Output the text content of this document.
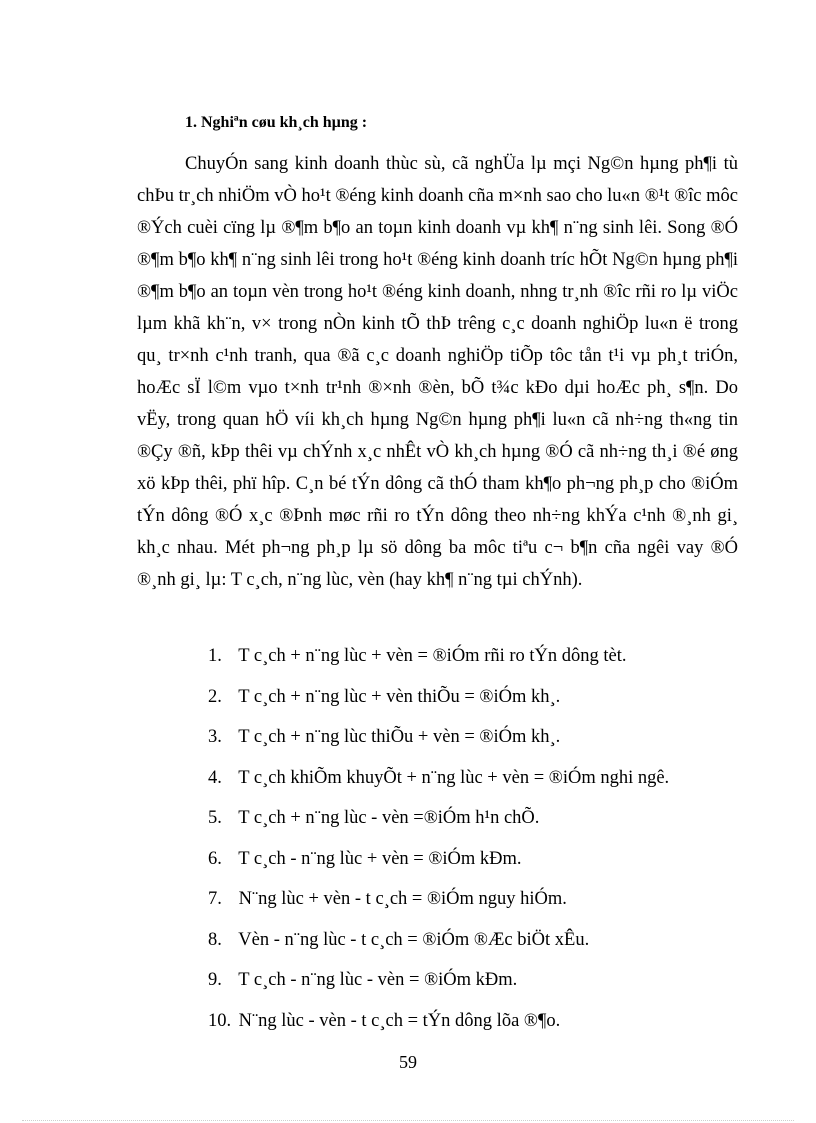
1. Nghiªn cøu kh¸ch hµng :

ChuyÓn sang kinh doanh thùc sù, cã nghÜa lµ mçi Ng©n hµng ph¶i tù chÞu tr¸ch nhiÖm vÒ ho¹t ®éng kinh doanh cña m×nh sao cho lu«n ®¹t ®îc môc ®Ých cuèi cïng lµ ®¶m b¶o an toµn kinh doanh vµ kh¶ n¨ng sinh lêi. Song ®Ó ®¶m b¶o kh¶ n¨ng sinh lêi trong ho¹t ®éng kinh doanh tríc hÕt Ng©n hµng ph¶i ®¶m b¶o an toµn vèn trong ho¹t ®éng kinh doanh, nhng tr¸nh ®îc rñi ro lµ viÖc lµm khã kh¨n, v× trong nÒn kinh tÕ thÞ trêng c¸c doanh nghiÖp lu«n ë trong qu¸ tr×nh c¹nh tranh, qua ®ã c¸c doanh nghiÖp tiÕp tôc tån t¹i vµ ph¸t triÓn, hoÆc sÏ l©m vµo t×nh tr¹nh ®×nh ®èn, bÕ t¾c kÐo dµi hoÆc ph¸ s¶n. Do vËy, trong quan hÖ víi kh¸ch hµng Ng©n hµng ph¶i lu«n cã nh÷ng th«ng tin ®Çy ®ñ, kÞp thêi vµ chÝnh x¸c nhÊt vÒ kh¸ch hµng ®Ó cã nh÷ng th¸i ®é øng xö kÞp thêi, phï hîp. C¸n bé tÝn dông cã thÓ tham kh¶o ph¬ng ph¸p cho ®iÓm tÝn dông ®Ó x¸c ®Þnh møc rñi ro tÝn dông theo nh÷ng khÝa c¹nh ®¸nh gi¸ kh¸c nhau. Mét ph¬ng ph¸p lµ sö dông ba môc tiªu c¬ b¶n cña ngêi vay ®Ó ®¸nh gi¸ lµ: T c¸ch, n¨ng lùc, vèn (hay kh¶ n¨ng tµi chÝnh).

1. T c¸ch + n¨ng lùc + vèn = ®iÓm rñi ro tÝn dông tèt.
2. T c¸ch + n¨ng lùc + vèn thiÕu = ®iÓm kh¸.
3. T c¸ch + n¨ng lùc thiÕu + vèn = ®iÓm kh¸.
4. T c¸ch khiÕm khuyÕt + n¨ng lùc + vèn = ®iÓm nghi ngê.
5. T c¸ch + n¨ng lùc - vèn =®iÓm h¹n chÕ.
6. T c¸ch - n¨ng lùc + vèn = ®iÓm kÐm.
7. N¨ng lùc + vèn - t c¸ch = ®iÓm nguy hiÓm.
8. Vèn - n¨ng lùc - t c¸ch = ®iÓm ®Æc biÖt xÊu.
9. T c¸ch - n¨ng lùc - vèn = ®iÓm kÐm.
10. N¨ng lùc - vèn - t c¸ch = tÝn dông lõa ®¶o.
59
